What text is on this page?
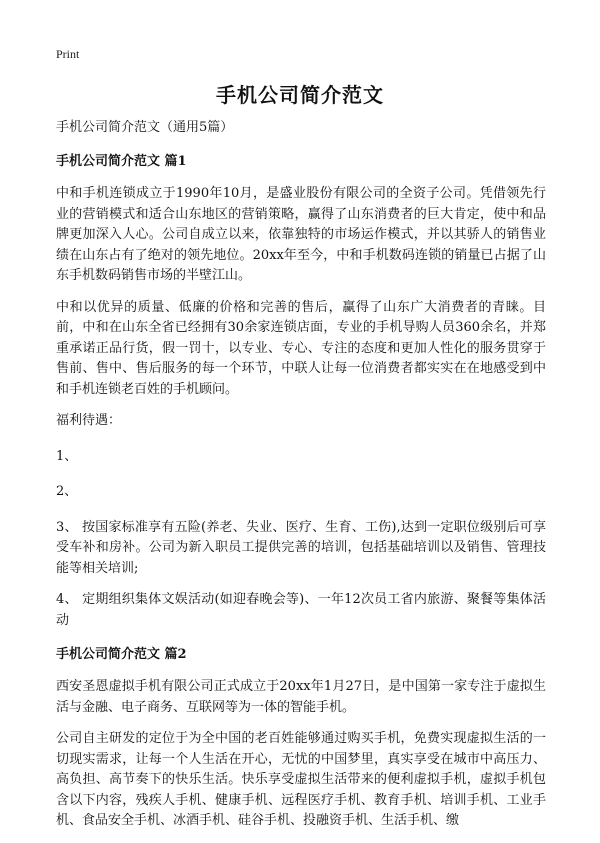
Print
手机公司简介范文

手机公司简介范文（通用5篇）

手机公司简介范文 篇1

中和手机连锁成立于1990年10月，是盛业股份有限公司的全资子公司。凭借领先行业的营销模式和适合山东地区的营销策略，赢得了山东消费者的巨大肯定，使中和品牌更加深入人心。公司自成立以来，依靠独特的市场运作模式，并以其骄人的销售业绩在山东占有了绝对的领先地位。20xx年至今，中和手机数码连锁的销量已占据了山东手机数码销售市场的半壁江山。

中和以优异的质量、低廉的价格和完善的售后，赢得了山东广大消费者的青睐。目前，中和在山东全省已经拥有30余家连锁店面，专业的手机导购人员360余名，并郑重承诺正品行货，假一罚十，以专业、专心、专注的态度和更加人性化的服务贯穿于售前、售中、售后服务的每一个环节，中联人让每一位消费者都实实在在地感受到中和手机连锁老百姓的手机顾问。

福利待遇：

1、

2、

3、 按国家标准享有五险(养老、失业、医疗、生育、工伤),达到一定职位级别后可享受车补和房补。公司为新入职员工提供完善的培训，包括基础培训以及销售、管理技能等相关培训;

4、 定期组织集体文娱活动(如迎春晚会等)、一年12次员工省内旅游、聚餐等集体活动

手机公司简介范文 篇2

西安圣恩虚拟手机有限公司正式成立于20xx年1月27日，是中国第一家专注于虚拟生活与金融、电子商务、互联网等为一体的智能手机。

公司自主研发的定位于为全中国的老百姓能够通过购买手机，免费实现虚拟生活的一切现实需求，让每一个人生活在开心，无忧的中国梦里，真实享受在城市中高压力、高负担、高节奏下的快乐生活。快乐享受虚拟生活带来的便利虚拟手机，虚拟手机包含以下内容，残疾人手机、健康手机、远程医疗手机、教育手机、培训手机、工业手机、食品安全手机、冰酒手机、硅谷手机、投融资手机、生活手机、缴
